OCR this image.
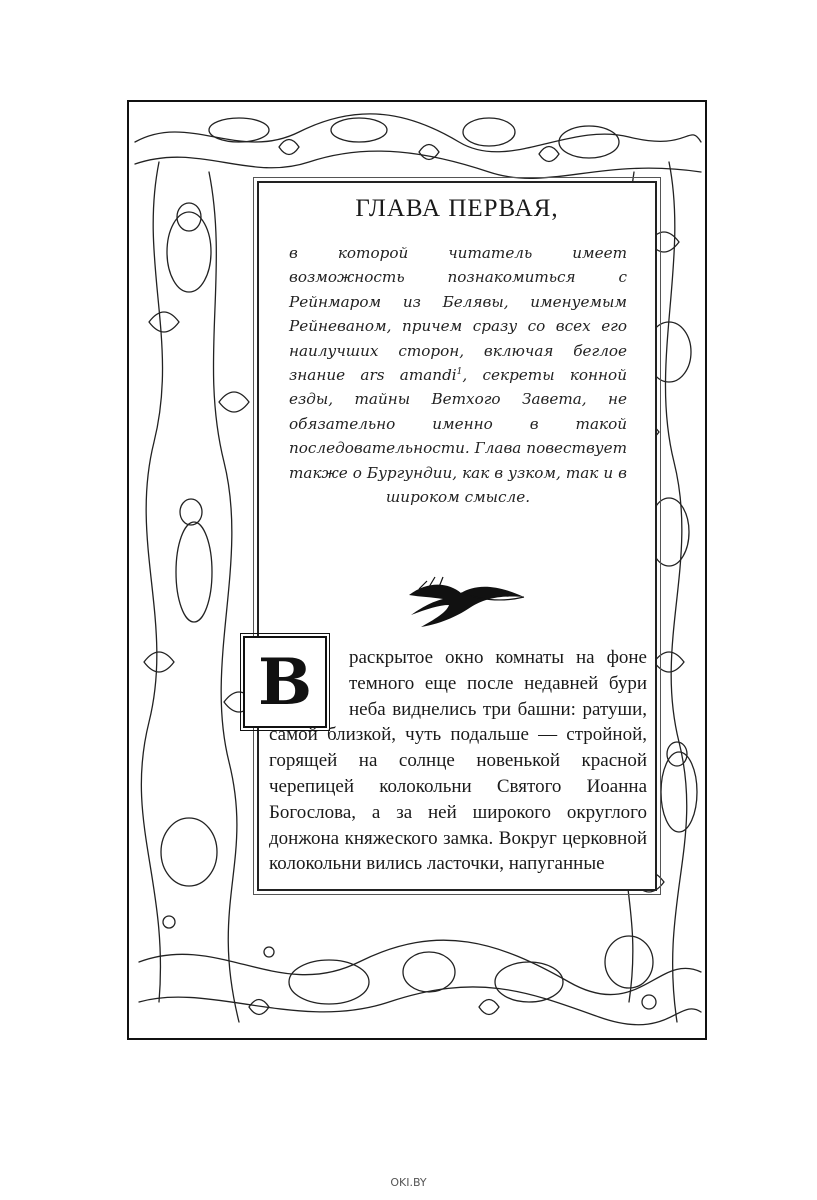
ГЛАВА ПЕРВАЯ,

в которой читатель имеет возможность познакомиться с Рейнмаром из Белявы, именуемым Рейневаном, причем сразу со всех его наилучших сторон, включая беглое знание ars amandi$^1$, секреты конной езды, тайны Ветхого Завета, не обязательно именно в такой последовательности. Глава повествует также о Бургундии, как в узком, так и в широком смысле.

В	раскрытое окно комнаты на фоне темного еще после недавней бури неба виднелись три башни: ратуши, самой близкой, чуть подальше — стройной, горящей на солнце новенькой красной черепицей колокольни Святого Иоанна Богослова, а за ней широкого округлого донжона княжеского замка. Вокруг церковной колокольни вились ласточки, напуганные

OKI.BY
